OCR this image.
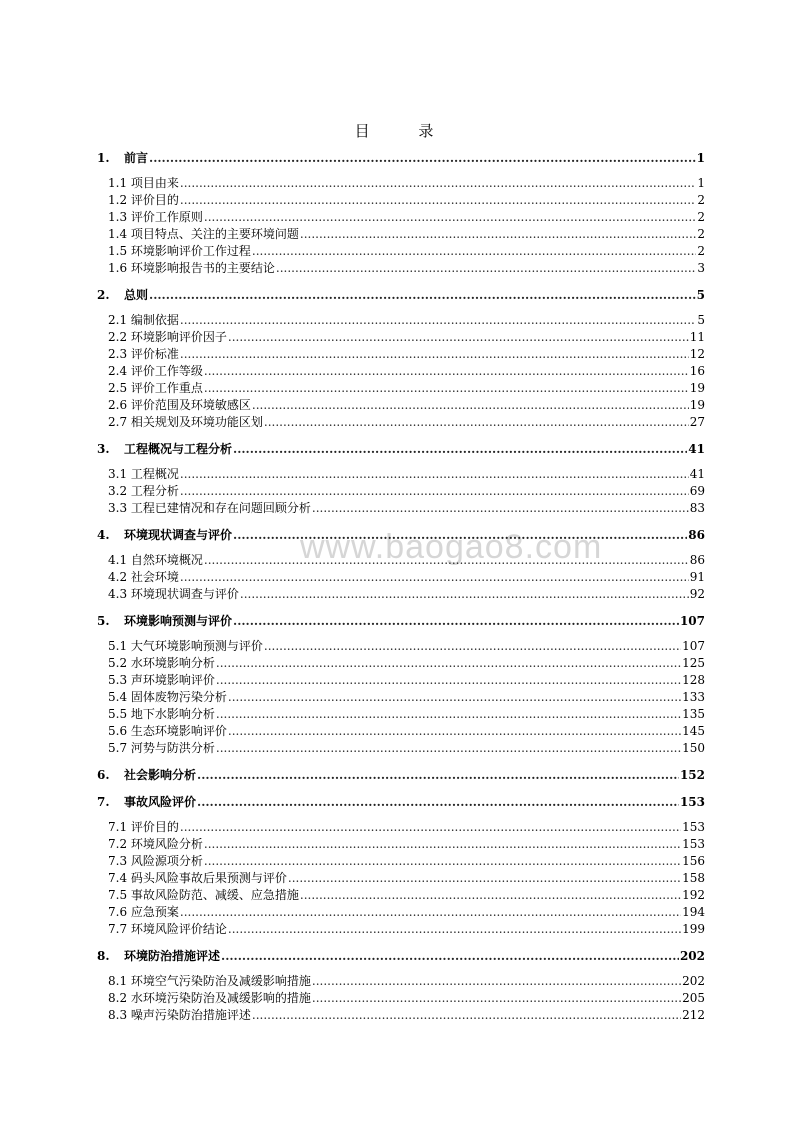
www.baogao8.com
目 录
1. 前言 .....	1
1.1 项目由来 .....	1
1.2 评价目的 .....	2
1.3 评价工作原则 .....	2
1.4 项目特点、关注的主要环境问题 .....	2
1.5 环境影响评价工作过程 .....	2
1.6 环境影响报告书的主要结论 .....	3
2. 总则 .....	5
2.1 编制依据 .....	5
2.2 环境影响评价因子 .....	11
2.3 评价标准 .....	12
2.4 评价工作等级 .....	16
2.5 评价工作重点 .....	19
2.6 评价范围及环境敏感区 .....	19
2.7 相关规划及环境功能区划 .....	27
3. 工程概况与工程分析 .....	41
3.1 工程概况 .....	41
3.2 工程分析 .....	69
3.3 工程已建情况和存在问题回顾分析 .....	83
4. 环境现状调查与评价 .....	86
4.1 自然环境概况 .....	86
4.2 社会环境 .....	91
4.3 环境现状调查与评价 .....	92
5. 环境影响预测与评价 .....	107
5.1 大气环境影响预测与评价 .....	107
5.2 水环境影响分析 .....	125
5.3 声环境影响评价 .....	128
5.4 固体废物污染分析 .....	133
5.5 地下水影响分析 .....	135
5.6 生态环境影响评价 .....	145
5.7 河势与防洪分析 .....	150
6. 社会影响分析 .....	152
7. 事故风险评价 .....	153
7.1 评价目的 .....	153
7.2 环境风险分析 .....	153
7.3 风险源项分析 .....	156
7.4 码头风险事故后果预测与评价 .....	158
7.5 事故风险防范、减缓、应急措施 .....	192
7.6 应急预案 .....	194
7.7 环境风险评价结论 .....	199
8. 环境防治措施评述 .....	202
8.1 环境空气污染防治及减缓影响措施 .....	202
8.2 水环境污染防治及减缓影响的措施 .....	205
8.3 噪声污染防治措施评述 .....	212
